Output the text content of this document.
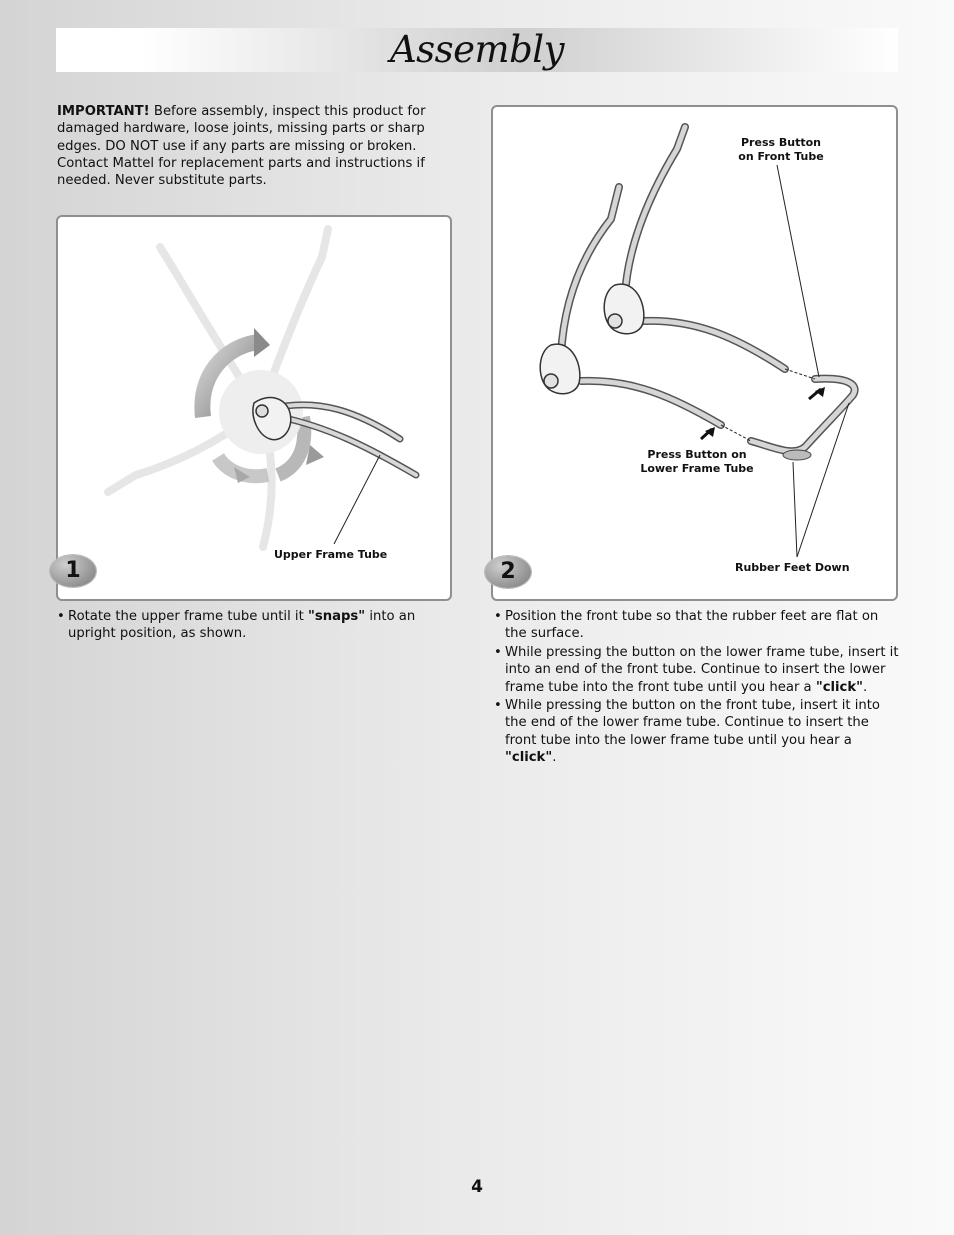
Assembly
IMPORTANT! Before assembly, inspect this product for damaged hardware, loose joints, missing parts or sharp edges. DO NOT use if any parts are missing or broken. Contact Mattel for replacement parts and instructions if needed. Never substitute parts.
Upper Frame Tube
1
Press Button
on Front Tube
Press Button on
Lower Frame Tube
Rubber Feet Down
2
• Rotate the upper frame tube until it "snaps" into an upright position, as shown.
• Position the front tube so that the rubber feet are flat on the surface.
• While pressing the button on the lower frame tube, insert it into an end of the front tube. Continue to insert the lower frame tube into the front tube until you hear a "click".
• While pressing the button on the front tube, insert it into the end of the lower frame tube. Continue to insert the front tube into the lower frame tube until you hear a "click".
4
